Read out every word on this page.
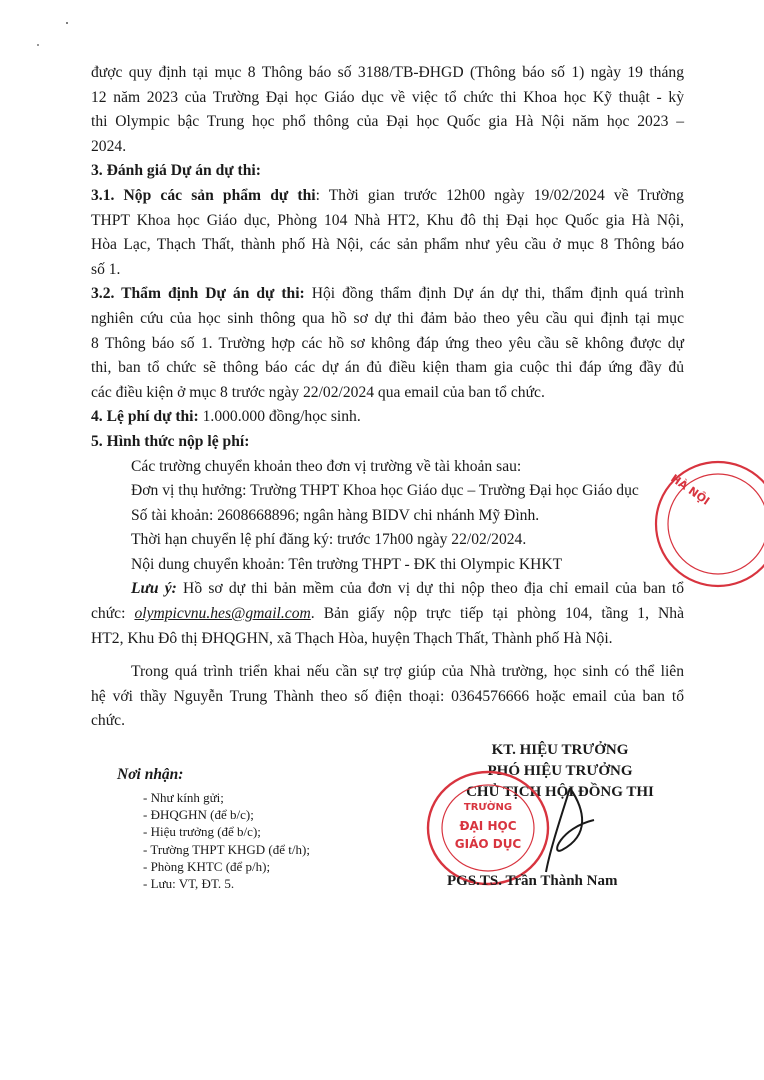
được quy định tại mục 8 Thông báo số 3188/TB-ĐHGD (Thông báo số 1) ngày 19 tháng

12 năm 2023 của Trường Đại học Giáo dục về việc tổ chức thi Khoa học Kỹ thuật - kỳ

thi Olympic bậc Trung học phổ thông của Đại học Quốc gia Hà Nội năm học 2023 –

2024.

3. Đánh giá Dự án dự thi:

3.1. Nộp các sản phẩm dự thi: Thời gian trước 12h00 ngày 19/02/2024 về Trường

THPT Khoa học Giáo dục, Phòng 104 Nhà HT2, Khu đô thị Đại học Quốc gia Hà Nội,

Hòa Lạc, Thạch Thất, thành phố Hà Nội, các sản phẩm như yêu cầu ở mục 8 Thông báo

số 1.

3.2. Thẩm định Dự án dự thi: Hội đồng thẩm định Dự án dự thi, thẩm định quá trình

nghiên cứu của học sinh thông qua hồ sơ dự thi đảm bảo theo yêu cầu qui định tại mục

8 Thông báo số 1. Trường hợp các hồ sơ không đáp ứng theo yêu cầu sẽ không được dự

thi, ban tổ chức sẽ thông báo các dự án đủ điều kiện tham gia cuộc thi đáp ứng đầy đủ

các điều kiện ở mục 8 trước ngày 22/02/2024 qua email của ban tổ chức.

4. Lệ phí dự thi: 1.000.000 đồng/học sinh.

5. Hình thức nộp lệ phí:

Các trường chuyển khoản theo đơn vị trường về tài khoản sau:

Đơn vị thụ hưởng: Trường THPT Khoa học Giáo dục – Trường Đại học Giáo dục

Số tài khoản: 2608668896; ngân hàng BIDV chi nhánh Mỹ Đình.

Thời hạn chuyển lệ phí đăng ký: trước 17h00 ngày 22/02/2024.

Nội dung chuyển khoản: Tên trường THPT - ĐK thi Olympic KHKT

Lưu ý: Hồ sơ dự thi bản mềm của đơn vị dự thi nộp theo địa chỉ email của ban tổ

chức: olympicvnu.hes@gmail.com. Bản giấy nộp trực tiếp tại phòng 104, tầng 1, Nhà

HT2, Khu Đô thị ĐHQGHN, xã Thạch Hòa, huyện Thạch Thất, Thành phố Hà Nội.

Trong quá trình triển khai nếu cần sự trợ giúp của Nhà trường, học sinh có thể liên

hệ với thầy Nguyễn Trung Thành theo số điện thoại: 0364576666 hoặc email của ban tổ

chức.

HÀ NỘI
KT. HIỆU TRƯỞNG
PHÓ HIỆU TRƯỞNG
CHỦ TỊCH HỘI ĐỒNG THI
TRƯỜNG
ĐẠI HỌC
GIÁO DỤC
PGS.TS. Trần Thành Nam
Nơi nhận:
- Như kính gửi;
- ĐHQGHN (để b/c);
- Hiệu trưởng (để b/c);
- Trường THPT KHGD (để t/h);
- Phòng KHTC (để p/h);
- Lưu: VT, ĐT. 5.
